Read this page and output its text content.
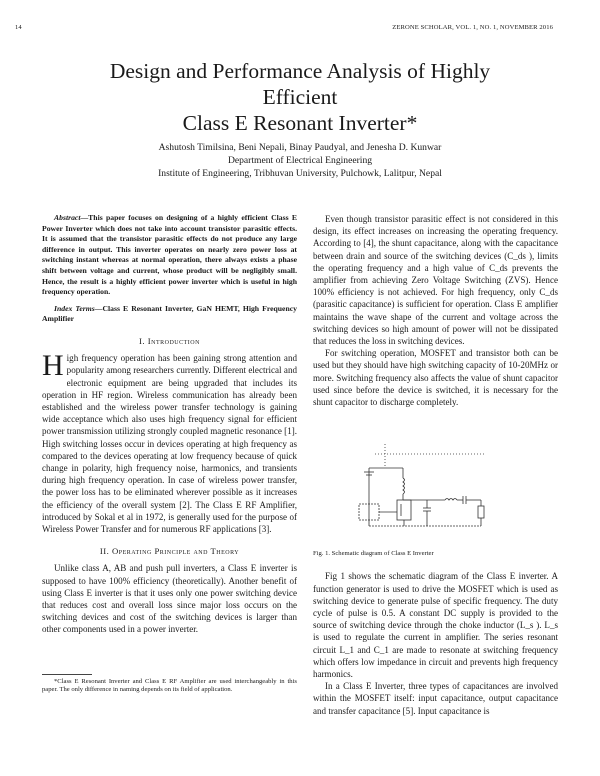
14	ZERONE SCHOLAR, VOL. 1, NO. 1, NOVEMBER 2016
Design and Performance Analysis of Highly
Efficient
Class E Resonant Inverter*
Ashutosh Timilsina, Beni Nepali, Binay Paudyal, and Jenesha D. Kunwar
Department of Electrical Engineering
Institute of Engineering, Tribhuvan University, Pulchowk, Lalitpur, Nepal

Abstract—This paper focuses on designing of a highly efficient Class E Power Inverter which does not take into account transistor parasitic effects. It is assumed that the transistor parasitic effects do not produce any large difference in output. This inverter operates on nearly zero power loss at switching instant whereas at normal operation, there always exists a phase shift between voltage and current, whose product will be negligibly small. Hence, the result is a highly efficient power inverter which is useful in high frequency operation.

Index Terms—Class E Resonant Inverter, GaN HEMT, High Frequency Amplifier

I. Introduction

High frequency operation has been gaining strong attention and popularity among researchers currently. Different electrical and electronic equipment are being upgraded that includes its operation in HF region. Wireless communication has already been established and the wireless power transfer technology is gaining wide acceptance which also uses high frequency signal for efficient power transmission utilizing strongly coupled magnetic resonance [1]. High switching losses occur in devices operating at high frequency as compared to the devices operating at low frequency because of quick change in polarity, high frequency noise, harmonics, and transients during high frequency operation. In case of wireless power transfer, the power loss has to be eliminated wherever possible as it increases the efficiency of the overall system [2]. The Class E RF Amplifier, introduced by Sokal et al in 1972, is generally used for the purpose of Wireless Power Transfer and for numerous RF applications [3].

II. Operating Principle and Theory

Unlike class A, AB and push pull inverters, a Class E inverter is supposed to have 100% efficiency (theoretically). Another benefit of using Class E inverter is that it uses only one power switching device that reduces cost and overall loss since major loss occurs on the switching devices and cost of the switching devices is larger than other components used in a power inverter.

*Class E Resonant Inverter and Class E RF Amplifier are used interchangeably in this paper. The only difference in naming depends on its field of application.

Even though transistor parasitic effect is not considered in this design, its effect increases on increasing the operating frequency. According to [4], the shunt capacitance, along with the capacitance between drain and source of the switching devices (C_ds ), limits the operating frequency and a high value of C_ds prevents the amplifier from achieving Zero Voltage Switching (ZVS). Hence 100% efficiency is not achieved. For high frequency, only C_ds (parasitic capacitance) is sufficient for operation. Class E amplifier maintains the wave shape of the current and voltage across the switching devices so high amount of power will not be dissipated that reduces the loss in switching devices.

For switching operation, MOSFET and transistor both can be used but they should have high switching capacity of 10-20MHz or more. Switching frequency also affects the value of shunt capacitor used since before the device is switched, it is necessary for the shunt capacitor to discharge completely.

Fig. 1. Schematic diagram of Class E Inverter

Fig 1 shows the schematic diagram of the Class E inverter. A function generator is used to drive the MOSFET which is used as switching device to generate pulse of specific frequency. The duty cycle of pulse is 0.5. A constant DC supply is provided to the source of switching device through the choke inductor (L_s ). L_s is used to regulate the current in amplifier. The series resonant circuit L_1 and C_1 are made to resonate at switching frequency which offers low impedance in circuit and prevents high frequency harmonics.

In a Class E Inverter, three types of capacitances are involved within the MOSFET itself: input capacitance, output capacitance and transfer capacitance [5]. Input capacitance is
